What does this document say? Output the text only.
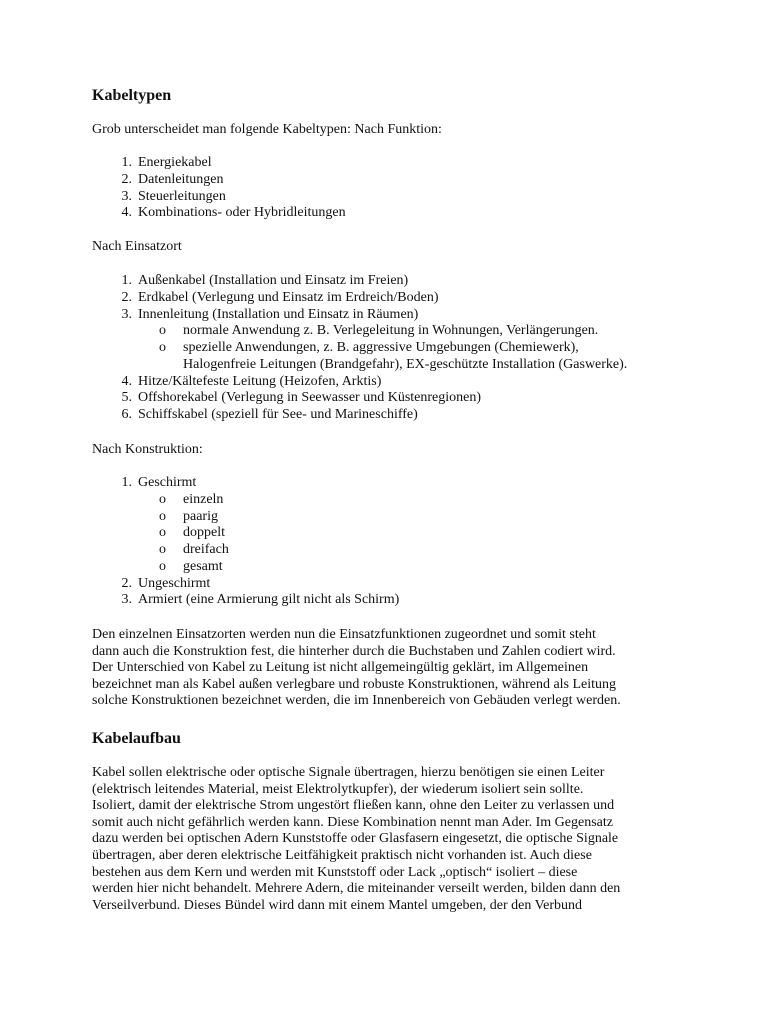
Kabeltypen
Grob unterscheidet man folgende Kabeltypen: Nach Funktion:
1. Energiekabel
2. Datenleitungen
3. Steuerleitungen
4. Kombinations- oder Hybridleitungen
Nach Einsatzort
1. Außenkabel (Installation und Einsatz im Freien)
2. Erdkabel (Verlegung und Einsatz im Erdreich/Boden)
3. Innenleitung (Installation und Einsatz in Räumen)
o normale Anwendung z. B. Verlegeleitung in Wohnungen, Verlängerungen.
o spezielle Anwendungen, z. B. aggressive Umgebungen (Chemiewerk),
Halogenfreie Leitungen (Brandgefahr), EX-geschützte Installation (Gaswerke).
4. Hitze/Kältefeste Leitung (Heizofen, Arktis)
5. Offshorekabel (Verlegung in Seewasser und Küstenregionen)
6. Schiffskabel (speziell für See- und Marineschiffe)
Nach Konstruktion:
1. Geschirmt
o einzeln
o paarig
o doppelt
o dreifach
o gesamt
2. Ungeschirmt
3. Armiert (eine Armierung gilt nicht als Schirm)
Den einzelnen Einsatzorten werden nun die Einsatzfunktionen zugeordnet und somit steht
dann auch die Konstruktion fest, die hinterher durch die Buchstaben und Zahlen codiert wird.
Der Unterschied von Kabel zu Leitung ist nicht allgemeingültig geklärt, im Allgemeinen
bezeichnet man als Kabel außen verlegbare und robuste Konstruktionen, während als Leitung
solche Konstruktionen bezeichnet werden, die im Innenbereich von Gebäuden verlegt werden.
Kabelaufbau
Kabel sollen elektrische oder optische Signale übertragen, hierzu benötigen sie einen Leiter
(elektrisch leitendes Material, meist Elektrolytkupfer), der wiederum isoliert sein sollte.
Isoliert, damit der elektrische Strom ungestört fließen kann, ohne den Leiter zu verlassen und
somit auch nicht gefährlich werden kann. Diese Kombination nennt man Ader. Im Gegensatz
dazu werden bei optischen Adern Kunststoffe oder Glasfasern eingesetzt, die optische Signale
übertragen, aber deren elektrische Leitfähigkeit praktisch nicht vorhanden ist. Auch diese
bestehen aus dem Kern und werden mit Kunststoff oder Lack „optisch“ isoliert – diese
werden hier nicht behandelt. Mehrere Adern, die miteinander verseilt werden, bilden dann den
Verseilverbund. Dieses Bündel wird dann mit einem Mantel umgeben, der den Verbund
